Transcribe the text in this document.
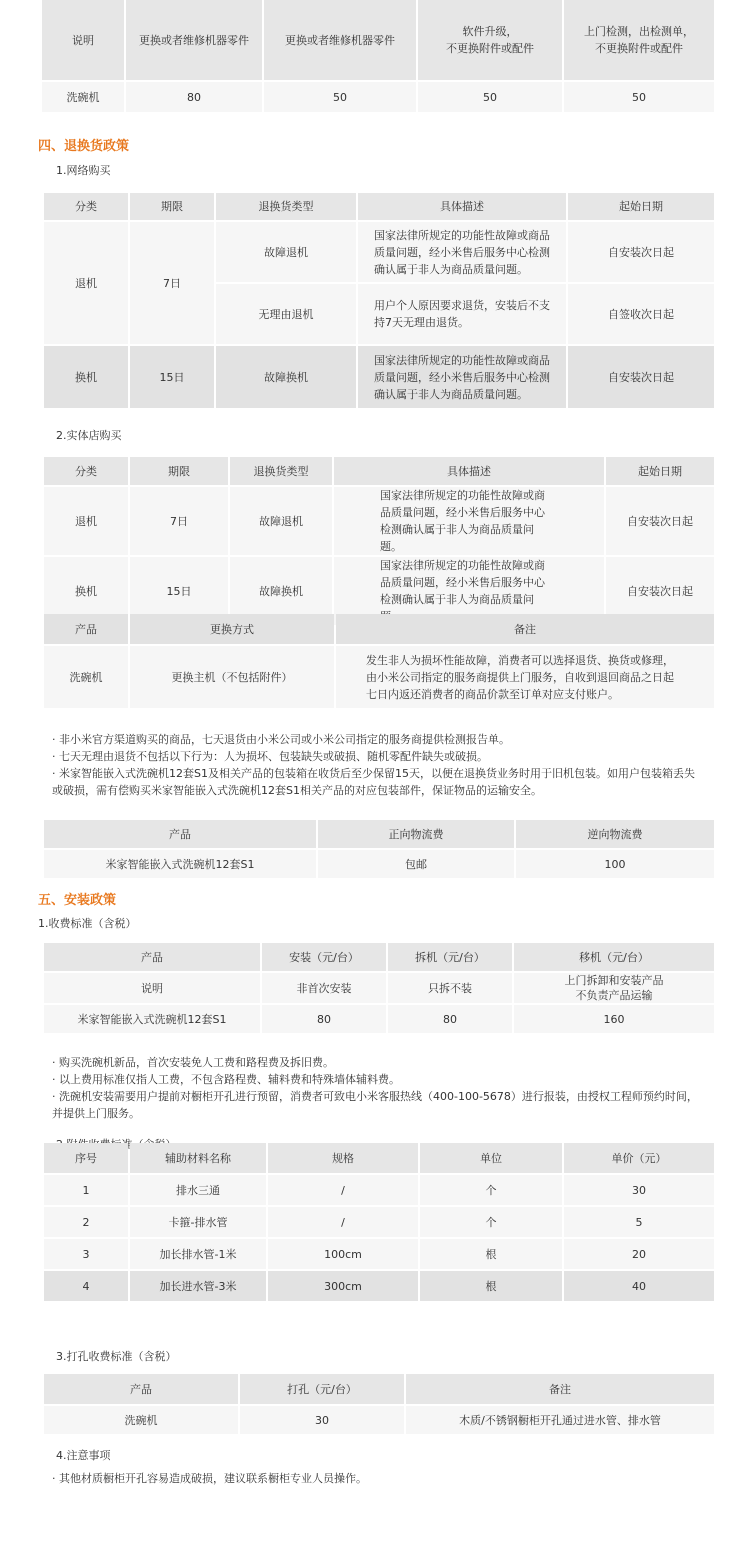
说明	更换或者维修机器零件	更换或者维修机器零件	软件升级，
不更换附件或配件	上门检测，出检测单，
不更换附件或配件
洗碗机	80	50	50	50
四、退换货政策
1.网络购买
分类	期限	退换货类型	具体描述	起始日期
退机	7日	故障退机	国家法律所规定的功能性故障或商品质量问题，经小米售后服务中心检测确认属于非人为商品质量问题。	自安装次日起
		无理由退机	用户个人原因要求退货，安装后不支持7天无理由退货。	自签收次日起
换机	15日	故障换机	国家法律所规定的功能性故障或商品质量问题，经小米售后服务中心检测确认属于非人为商品质量问题。	自安装次日起
2.实体店购买
分类	期限	退换货类型	具体描述	起始日期
退机	7日	故障退机	国家法律所规定的功能性故障或商品质量问题，经小米售后服务中心检测确认属于非人为商品质量问题。	自安装次日起
换机	15日	故障换机	国家法律所规定的功能性故障或商品质量问题，经小米售后服务中心检测确认属于非人为商品质量问	自安装次日起
产品	更换方式	备注
洗碗机	更换主机（不包括附件）	发生非人为损坏性能故障，消费者可以选择退货、换货或修理，由小米公司指定的服务商提供上门服务，自收到退回商品之日起七日内返还消费者的商品价款至订单对应支付账户。
· 非小米官方渠道购买的商品，七天退货由小米公司或小米公司指定的服务商提供检测报告单。
· 七天无理由退货不包括以下行为：人为损坏、包装缺失或破损、随机零配件缺失或破损。
· 米家智能嵌入式洗碗机12套S1及相关产品的包装箱在收货后至少保留15天，以便在退换货业务时用于旧机包装。如用户包装箱丢失或破损，需有偿购买米家智能嵌入式洗碗机12套S1相关产品的对应包装部件，保证物品的运输安全。
产品	正向物流费	逆向物流费
米家智能嵌入式洗碗机12套S1	包邮	100
五、安装政策
1.收费标准（含税）
产品	安装（元/台）	拆机（元/台）	移机（元/台）
说明	非首次安装	只拆不装	上门拆卸和安装产品
不负责产品运输
米家智能嵌入式洗碗机12套S1	80	80	160
· 购买洗碗机新品，首次安装免人工费和路程费及拆旧费。
· 以上费用标准仅指人工费，不包含路程费、辅料费和特殊墙体辅料费。
· 洗碗机安装需要用户提前对橱柜开孔进行预留，消费者可致电小米客服热线（400-100-5678）进行报装，由授权工程师预约时间，并提供上门服务。
序号	辅助材料名称	规格	单位	单价（元）
1	排水三通	/	个	30
2	卡箍-排水管	/	个	5
3	加长排水管-1米	100cm	根	20
4	加长进水管-3米	300cm	根	40
3.打孔收费标准（含税）
产品	打孔（元/台）	备注
洗碗机	30	木质/不锈钢橱柜开孔通过进水管、排水管
4.注意事项
· 其他材质橱柜开孔容易造成破损，建议联系橱柜专业人员操作。
